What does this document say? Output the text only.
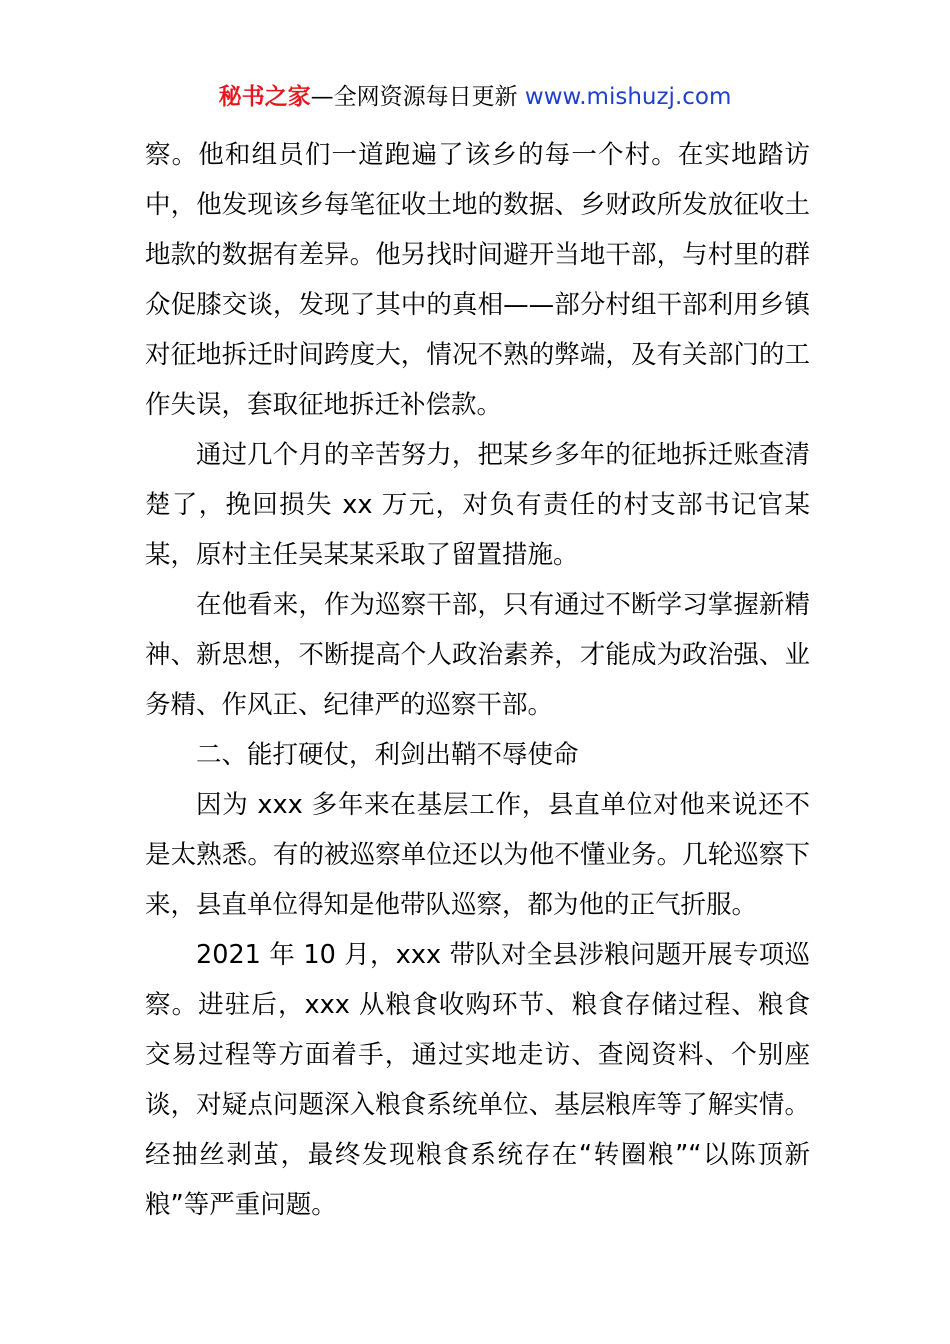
秘书之家—全网资源每日更新 www.mishuzj.com

察。他和组员们一道跑遍了该乡的每一个村。在实地踏访中，他发现该乡每笔征收土地的数据、乡财政所发放征收土地款的数据有差异。他另找时间避开当地干部，与村里的群众促膝交谈，发现了其中的真相——部分村组干部利用乡镇对征地拆迁时间跨度大，情况不熟的弊端，及有关部门的工作失误，套取征地拆迁补偿款。

通过几个月的辛苦努力，把某乡多年的征地拆迁账查清楚了，挽回损失 xx 万元，对负有责任的村支部书记官某某，原村主任吴某某采取了留置措施。

在他看来，作为巡察干部，只有通过不断学习掌握新精神、新思想，不断提高个人政治素养，才能成为政治强、业务精、作风正、纪律严的巡察干部。

二、能打硬仗，利剑出鞘不辱使命

因为 xxx 多年来在基层工作，县直单位对他来说还不是太熟悉。有的被巡察单位还以为他不懂业务。几轮巡察下来，县直单位得知是他带队巡察，都为他的正气折服。

2021 年 10 月，xxx 带队对全县涉粮问题开展专项巡察。进驻后，xxx 从粮食收购环节、粮食存储过程、粮食交易过程等方面着手，通过实地走访、查阅资料、个别座谈，对疑点问题深入粮食系统单位、基层粮库等了解实情。经抽丝剥茧，最终发现粮食系统存在“转圈粮”“以陈顶新粮”等严重问题。
